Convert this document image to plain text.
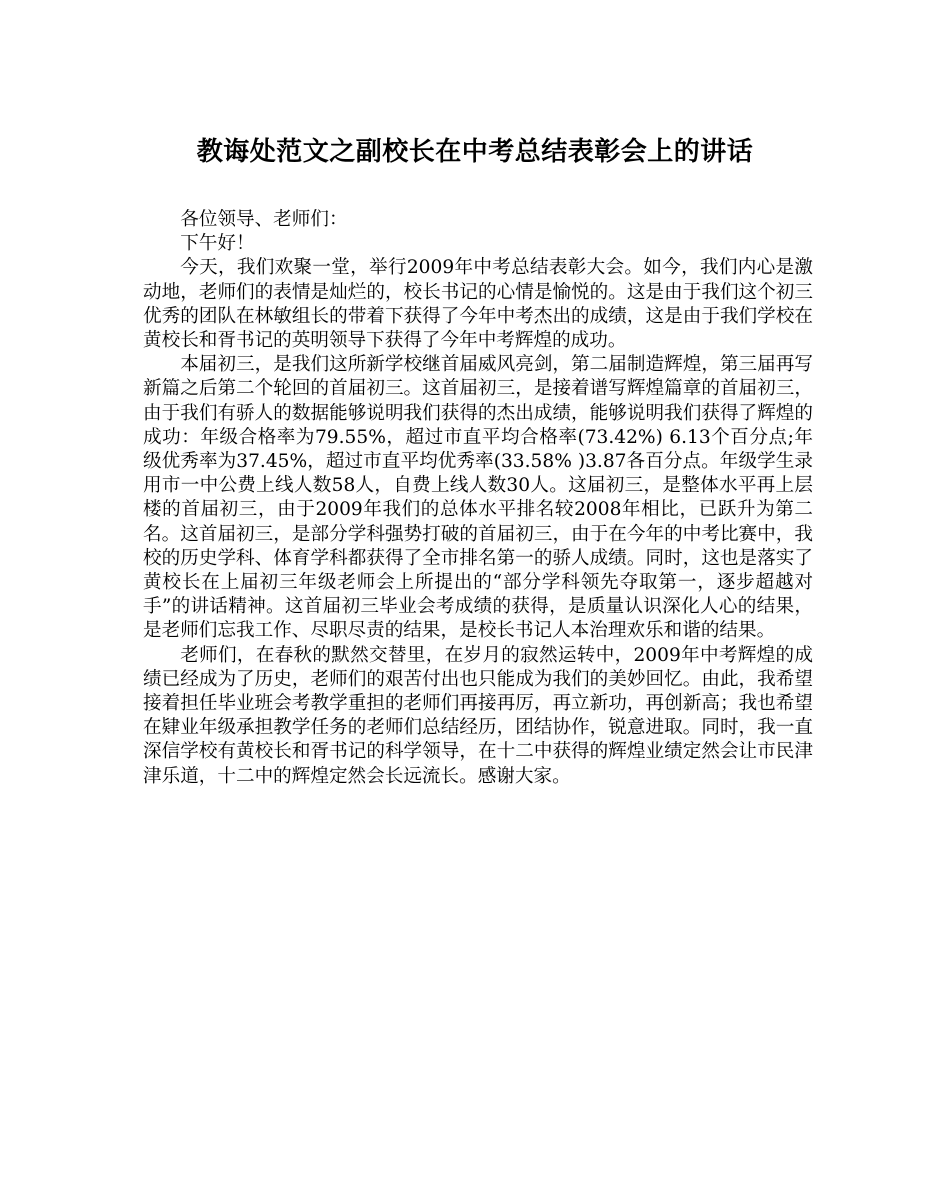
教诲处范文之副校长在中考总结表彰会上的讲话

各位领导、老师们：

下午好！

今天，我们欢聚一堂，举行2009年中考总结表彰大会。如今，我们内心是激动地，老师们的表情是灿烂的，校长书记的心情是愉悦的。这是由于我们这个初三优秀的团队在林敏组长的带着下获得了今年中考杰出的成绩，这是由于我们学校在黄校长和胥书记的英明领导下获得了今年中考辉煌的成功。

本届初三，是我们这所新学校继首届威风亮剑，第二届制造辉煌，第三届再写新篇之后第二个轮回的首届初三。这首届初三，是接着谱写辉煌篇章的首届初三，由于我们有骄人的数据能够说明我们获得的杰出成绩，能够说明我们获得了辉煌的成功：年级合格率为79.55%，超过市直平均合格率(73.42%) 6.13个百分点;年级优秀率为37.45%，超过市直平均优秀率(33.58% )3.87各百分点。年级学生录用市一中公费上线人数58人，自费上线人数30人。这届初三，是整体水平再上层楼的首届初三，由于2009年我们的总体水平排名较2008年相比，已跃升为第二名。这首届初三，是部分学科强势打破的首届初三，由于在今年的中考比赛中，我校的历史学科、体育学科都获得了全市排名第一的骄人成绩。同时，这也是落实了黄校长在上届初三年级老师会上所提出的“部分学科领先夺取第一，逐步超越对手”的讲话精神。这首届初三毕业会考成绩的获得，是质量认识深化人心的结果，是老师们忘我工作、尽职尽责的结果，是校长书记人本治理欢乐和谐的结果。

老师们，在春秋的默然交替里，在岁月的寂然运转中，2009年中考辉煌的成绩已经成为了历史，老师们的艰苦付出也只能成为我们的美妙回忆。由此，我希望接着担任毕业班会考教学重担的老师们再接再厉，再立新功，再创新高；我也希望在肄业年级承担教学任务的老师们总结经历，团结协作，锐意进取。同时，我一直深信学校有黄校长和胥书记的科学领导，在十二中获得的辉煌业绩定然会让市民津津乐道，十二中的辉煌定然会长远流长。感谢大家。
